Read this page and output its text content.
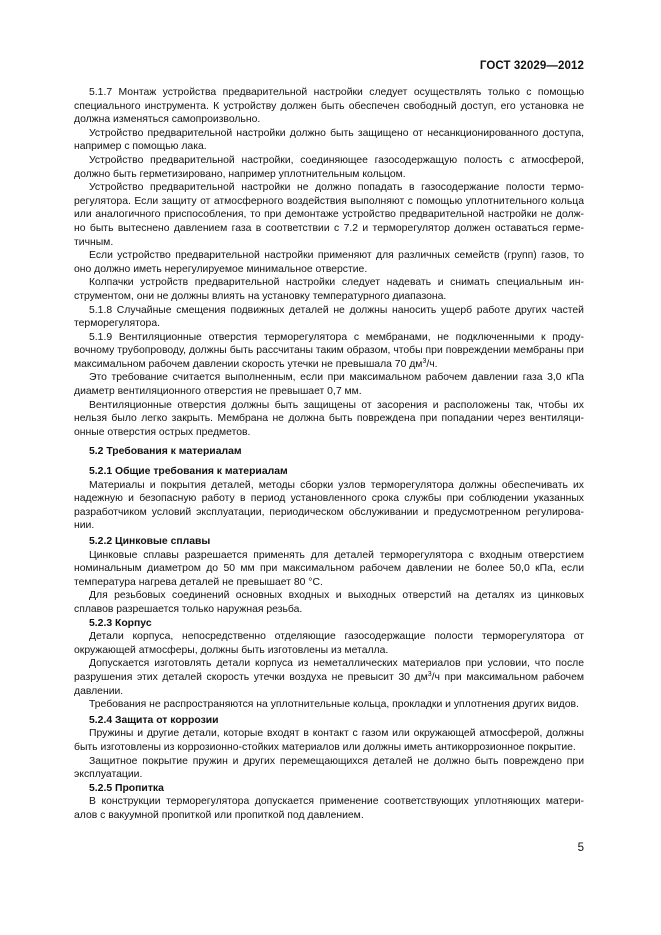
ГОСТ 32029—2012

5.1.7 Монтаж устройства предварительной настройки следует осуществлять только с помощью специального инструмента. К устройству должен быть обеспечен свободный доступ, его установка не должна изменяться самопроизвольно.

Устройство предварительной настройки должно быть защищено от несанкционированного доступа, например с помощью лака.

Устройство предварительной настройки, соединяющее газосодержащую полость с атмосферой, должно быть герметизировано, например уплотнительным кольцом.

Устройство предварительной настройки не должно попадать в газосодержание полости терморегулятора. Если защиту от атмосферного воздействия выполняют с помощью уплотнительного кольца или аналогичного приспособления, то при демонтаже устройство предварительной настройки не должно быть вытеснено давлением газа в соответствии с 7.2 и терморегулятор должен оставаться герметичным.

Если устройство предварительной настройки применяют для различных семейств (групп) газов, то оно должно иметь нерегулируемое минимальное отверстие.

Колпачки устройств предварительной настройки следует надевать и снимать специальным инструментом, они не должны влиять на установку температурного диапазона.

5.1.8 Случайные смещения подвижных деталей не должны наносить ущерб работе других частей терморегулятора.

5.1.9 Вентиляционные отверстия терморегулятора с мембранами, не подключенными к продувочному трубопроводу, должны быть рассчитаны таким образом, чтобы при повреждении мембраны при максимальном рабочем давлении скорость утечки не превышала 70 $дм^3/ч$.

Это требование считается выполненным, если при максимальном рабочем давлении газа 3,0 кПа диаметр вентиляционного отверстия не превышает 0,7 мм.

Вентиляционные отверстия должны быть защищены от засорения и расположены так, чтобы их нельзя было легко закрыть. Мембрана не должна быть повреждена при попадании через вентиляционные отверстия острых предметов.

5.2 Требования к материалам

5.2.1 Общие требования к материалам

Материалы и покрытия деталей, методы сборки узлов терморегулятора должны обеспечивать их надежную и безопасную работу в период установленного срока службы при соблюдении указанных разработчиком условий эксплуатации, периодическом обслуживании и предусмотренном регулировании.

5.2.2 Цинковые сплавы

Цинковые сплавы разрешается применять для деталей терморегулятора с входным отверстием номинальным диаметром до 50 мм при максимальном рабочем давлении не более 50,0 кПа, если температура нагрева деталей не превышает 80 °С.

Для резьбовых соединений основных входных и выходных отверстий на деталях из цинковых сплавов разрешается только наружная резьба.

5.2.3 Корпус

Детали корпуса, непосредственно отделяющие газосодержащие полости терморегулятора от окружающей атмосферы, должны быть изготовлены из металла.

Допускается изготовлять детали корпуса из неметаллических материалов при условии, что после разрушения этих деталей скорость утечки воздуха не превысит 30 $дм^3/ч$ при максимальном рабочем давлении.

Требования не распространяются на уплотнительные кольца, прокладки и уплотнения других видов.

5.2.4 Защита от коррозии

Пружины и другие детали, которые входят в контакт с газом или окружающей атмосферой, должны быть изготовлены из коррозионно-стойких материалов или должны иметь антикоррозионное покрытие.

Защитное покрытие пружин и других перемещающихся деталей не должно быть повреждено при эксплуатации.

5.2.5 Пропитка

В конструкции терморегулятора допускается применение соответствующих уплотняющих материалов с вакуумной пропиткой или пропиткой под давлением.

5
